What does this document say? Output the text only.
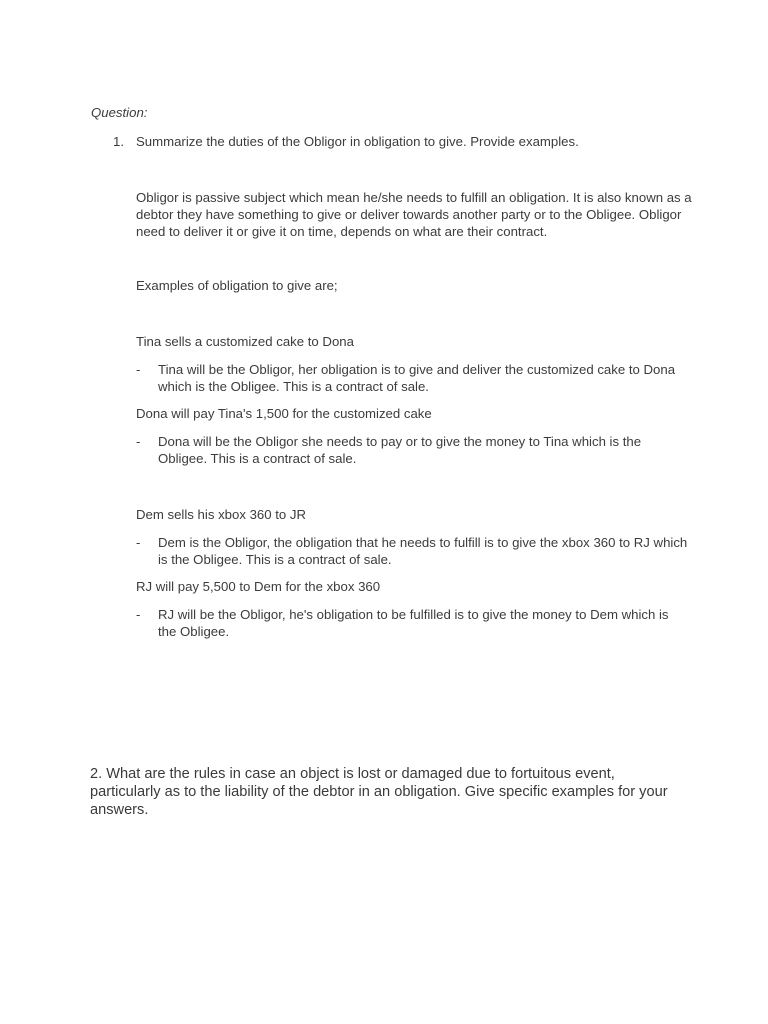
Question:
1. Summarize the duties of the Obligor in obligation to give. Provide examples.
Obligor is passive subject which mean he/she needs to fulfill an obligation. It is also known as a debtor they have something to give or deliver towards another party or to the Obligee. Obligor need to deliver it or give it on time, depends on what are their contract.
Examples of obligation to give are;
Tina sells a customized cake to Dona
- Tina will be the Obligor, her obligation is to give and deliver the customized cake to Dona which is the Obligee. This is a contract of sale.
Dona will pay Tina's 1,500 for the customized cake
- Dona will be the Obligor she needs to pay or to give the money to Tina which is the Obligee. This is a contract of sale.
Dem sells his xbox 360 to JR
- Dem is the Obligor, the obligation that he needs to fulfill is to give the xbox 360 to RJ which is the Obligee. This is a contract of sale.
RJ will pay 5,500 to Dem for the xbox 360
- RJ will be the Obligor, he's obligation to be fulfilled is to give the money to Dem which is the Obligee.
2. What are the rules in case an object is lost or damaged due to fortuitous event, particularly as to the liability of the debtor in an obligation. Give specific examples for your answers.
